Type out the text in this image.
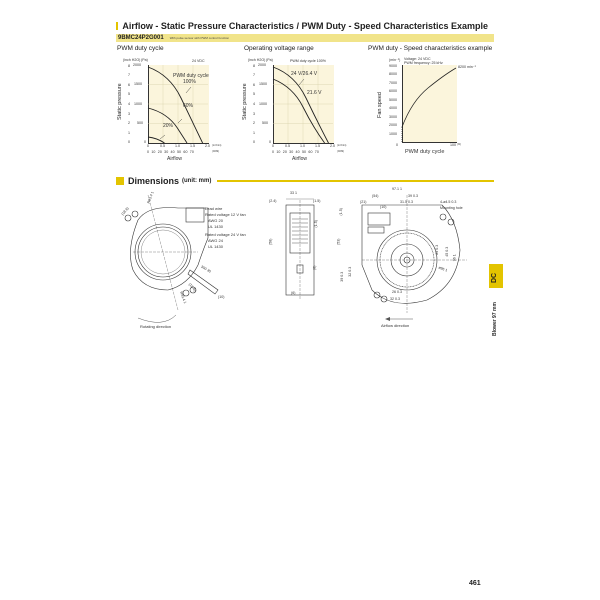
Airflow - Static Pressure Characteristics / PWM Duty - Speed Characteristics Example
9BMC24P2G001 With pulse sensor with PWM control function
PWM duty cycle	Operating voltage range	PWM duty - Speed characteristics example
(inch H2O) (Pa)	24 VDC
PWM duty cycle
100%
60%
20%
2000
1500
1000
500
0
8
7
6
5
4
3
2
1
0
Static pressure
0	0.5	1.0	1.5	2.0 (m³/min)
0 10 20 30 40 50 60 70	(CFM)
Airflow
(inch H2O) (Pa)	PWM duty cycle 100%
24 V/26.4 V
21.6 V
2000
1500
1000
500
0
8
7
6
5
4
3
2
1
0
Static pressure
0	0.5	1.0	1.5	2.0 (m³/min)
0 10 20 30 40 50 60 70	(CFM)
Airflow
(min⁻¹) Voltage: 24 VDC
PWM frequency: 25 kHz
8200 min⁻¹
9000
8000
7000
6000
5000
4000
3000
2000
1000
Fan speed
0	100 (%)
PWM duty cycle
Dimensions (unit: mm)
R93.4 1
(18.6)
300 30
(18.6)
R93.4 1	(10)
Rotating direction
Lead wire
Rated voltage 12 V fan
AWG 20
UL 1430
Rated voltage 24 V fan
AWG 24
UL 1430
33 1
(2.4)	(1.5)
(1.5)
(58)
(8)
(6)
97.1 1
(54)	39 0.3
(21)	31.5 0.3
(10)
(1.5)
(53)
4-ø4.5 0.3
Mounting hole
29 0.3 45 0.3
96 1
ø96 1
39 0.3 32 0.3
26 0.3
32 0.3
Airflow direction
DC
Blower 97 mm
461
